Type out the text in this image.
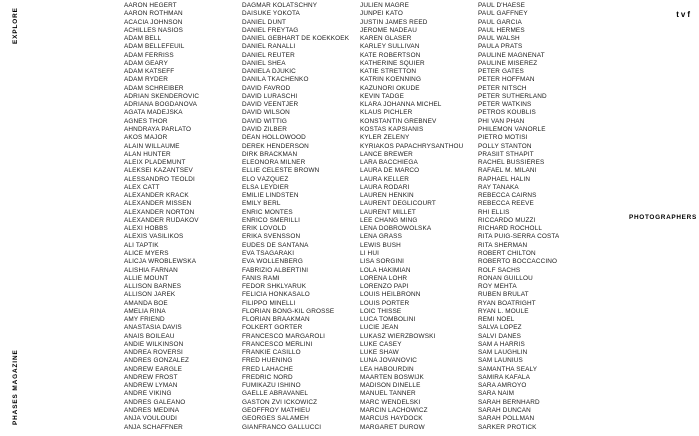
EXPLORE
PHASES MAGAZINE
t v f
PHOTOGRAPHERS
AARON HEGERT
AARON ROTHMAN
ACACIA JOHNSON
ACHILLES NASIOS
ADAM BELL
ADAM BELLEFEUIL
ADAM FERRISS
ADAM GEARY
ADAM KATSEFF
ADAM RYDER
ADAM SCHREIBER
ADRIAN SKENDEROVIC
ADRIANA BOGDANOVA
AGATA MADEJSKA
AGNES THOR
AHNDRAYA PARLATO
AKOS MAJOR
ALAIN WILLAUME
ALAN HUNTER
ALEIX PLADEMUNT
ALEKSEI KAZANTSEV
ALESSANDRO TEOLDI
ALEX CATT
ALEXANDER KRACK
ALEXANDER MISSEN
ALEXANDER NORTON
ALEXANDER RUDAKOV
ALEXI HOBBS
ALEXIS VASILIKOS
ALI TAPTIK
ALICE MYERS
ALICJA WRÓBLEWSKA
ALISHIA FARNAN
ALLIE MOUNT
ALLISON BARNES
ALLISON JAREK
AMANDA BOE
AMELIA RINA
AMY FRIEND
ANASTASIA DAVIS
ANAÏS BOILEAU
ANDIE WILKINSON
ANDREA ROVERSI
ANDRES GONZALEZ
ANDREW EARGLE
ANDREW FROST
ANDREW LYMAN
ANDRÉ VIKING
ANDRES GALEANO
ANDRÉS MEDINA
ANJA VOULOUDI
ANJA SCHAFFNER
DAGMAR KOLATSCHNY
DAISUKE YOKOTA
DANIEL DUNT
DANIEL FREYTAG
DANIEL GEBHART DE KOEKKOEK
DANIEL RANALLI
DANIEL REUTER
DANIEL SHEA
DANIELA DJUKIC
DANILA TKACHENKO
DAVID FAVROD
DAVID LURASCHI
DAVID VEENTJER
DAVID WILSON
DAVID WITTIG
DAVID ZILBER
DEAN HOLLOWOOD
DEREK HENDERSON
DIRK BRACKMAN
ELEONORA MILNER
ELLIE CELESTE BROWN
ELO VÁZQUEZ
ELSA LEYDIER
EMILIE LINDSTEN
EMILY BERL
ENRIC MONTES
ENRICO SMERILLI
ERIK LOVOLD
ERIKA SVENSSON
EUDES DE SANTANA
EVA TSAGARAKI
EVA WOLLENBERG
FABRIZIO ALBERTINI
FANIS RAMI
FEDOR SHKLYARUK
FELICIA HONKASALO
FILIPPO MINELLI
FLORIAN BONG-KIL GROSSE
FLORIAN BRAAKMAN
FOLKERT GORTER
FRANCESCO MARGAROLI
FRANCESCO MERLINI
FRANKIE CASILLO
FRED HUENING
FRED LAHACHE
FREDRIC NORD
FUMIKAZU ISHINO
GAËLLE ABRAVANEL
GASTON ZVI ICKOWICZ
GEOFFROY MATHIEU
GEORGES SALAMEH
GIANFRANCO GALLUCCI
JULIEN MAGRE
JUNPEI KATO
JUSTIN JAMES REED
JÉRÔME NADEAU
KAREN GLASER
KARLEY SULLIVAN
KATE ROBERTSON
KATHERINE SQUIER
KATIE STRETTON
KATRIN KOENNING
KAZUNORI OKUDE
KEVIN TADGE
KLARA JOHANNA MICHEL
KLAUS PICHLER
KONSTANTIN GREBNEV
KOSTAS KAPSIANIS
KYLER ZELENY
KYRIAKOS PAPACHRYSANTHOU
LANCE BREWER
LARA BACCHIEGA
LAURA DE MARCO
LAURA KELLER
LAURA RODARI
LAUREN HENKIN
LAURENT DEGLICOURT
LAURENT MILLET
LEE CHANG MING
LENA DOBROWOLSKA
LENA GRASS
LEWIS BUSH
LI HUI
LISA SORGINI
LOLA HAKIMIAN
LORENA LOHR
LORENZO PAPI
LOUIS HEILBRONN
LOUIS PORTER
LOÏC THISSE
LUCA TOMBOLINI
LUCIE JEAN
LUKASZ WIERZBOWSKI
LUKE CASEY
LUKE SHAW
LUNA JOVANOVIC
LÉA HABOURDIN
MAARTEN BOSWIJK
MADISON DINELLE
MANUEL TANNER
MARC WENDELSKI
MARCIN LACHOWICZ
MARCUS HAYDOCK
MARGARET DUROW
PAUL D'HAESE
PAUL GAFFNEY
PAUL GARCIA
PAUL HERMES
PAUL WALSH
PAULA PRATS
PAULINE MAGNENAT
PAULINE MISEREZ
PETER GATES
PETER HOFFMAN
PETER NITSCH
PETER SUTHERLAND
PETER WATKINS
PETROS KOUBLIS
PHI VAN PHAN
PHILÉMON VANORLÉ
PIETRO MOTISI
POLLY STANTON
PRASIIT STHAPIT
RACHEL BUSSIÈRES
RAFAEL M. MILANI
RAPHAËL HALIN
RAY TANAKA
REBECCA CAIRNS
REBECCA REEVE
RHI ELLIS
RICCARDO MUZZI
RICHARD ROCHOLL
RITA PUIG-SERRA COSTA
RITA SHERMAN
ROBERT CHILTON
ROBERTO BOCCACCINO
ROLF SACHS
RONAN GUILLOU
ROY MEHTA
RUBEN BRULAT
RYAN BOATRIGHT
RYAN L. MOULE
RÉMI NOËL
SALVA LÓPEZ
SALVI DANÉS
SAM A HARRIS
SAM LAUGHLIN
SAM LAUNIUS
SAMANTHA SEALY
SAMIRA KAFALA
SARA AMROYO
SARA NAIM
SARAH BERNHARD
SARAH DUNCAN
SARAH POLLMAN
SARKER PROTICK
